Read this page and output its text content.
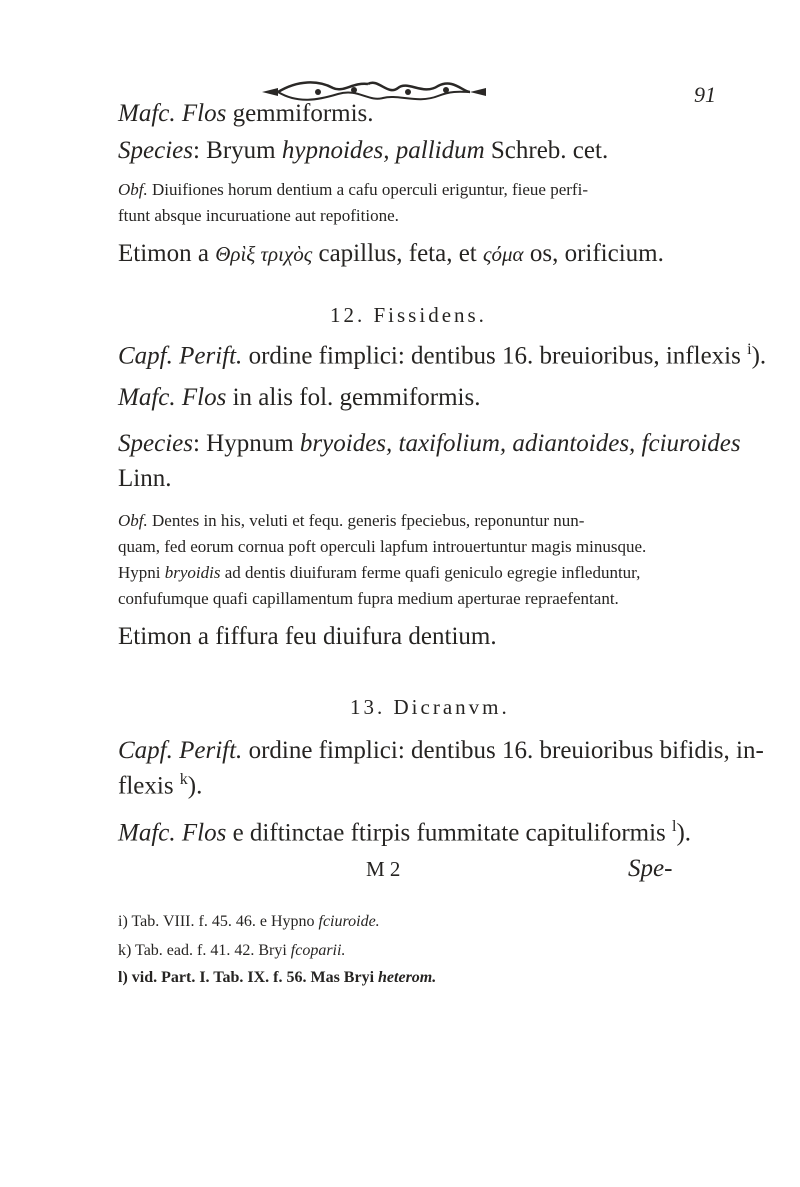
91
Mafc. Flos gemmiformis.
Species: Bryum hypnoides, pallidum Schreb. cet.
Obf. Diuifiones horum dentium a cafu operculi eriguntur, fieue perfi-
ftunt absque incuruatione aut repofitione.
Etimon a Θρὶξ τριχὸς capillus, feta, et ςόμα os, orificium.
12. Fissidens.
Capf. Perift. ordine fimplici: dentibus 16. breuioribus, inflexis $^i$).
Mafc. Flos in alis fol. gemmiformis.
Species: Hypnum bryoides, taxifolium, adiantoides, fciuroides
Linn.
Obf. Dentes in his, veluti et fequ. generis fpeciebus, reponuntur nun-
quam, fed eorum cornua poft operculi lapfum introuertuntur magis minusque.
Hypni bryoidis ad dentis diuifuram ferme quafi geniculo egregie infleduntur,
confufumque quafi capillamentum fupra medium aperturae repraefentant.
Etimon a fiffura feu diuifura dentium.
13. Dicranvm.
Capf. Perift. ordine fimplici: dentibus 16. breuioribus bifidis, in-
flexis $^k$).
Mafc. Flos e diftinctae ftirpis fummitate capituliformis $^l$).
M 2	Spe-
i) Tab. VIII. f. 45. 46. e Hypno fciuroide.
k) Tab. ead. f. 41. 42. Bryi fcoparii.
l) vid. Part. I. Tab. IX. f. 56. Mas Bryi heterom.
